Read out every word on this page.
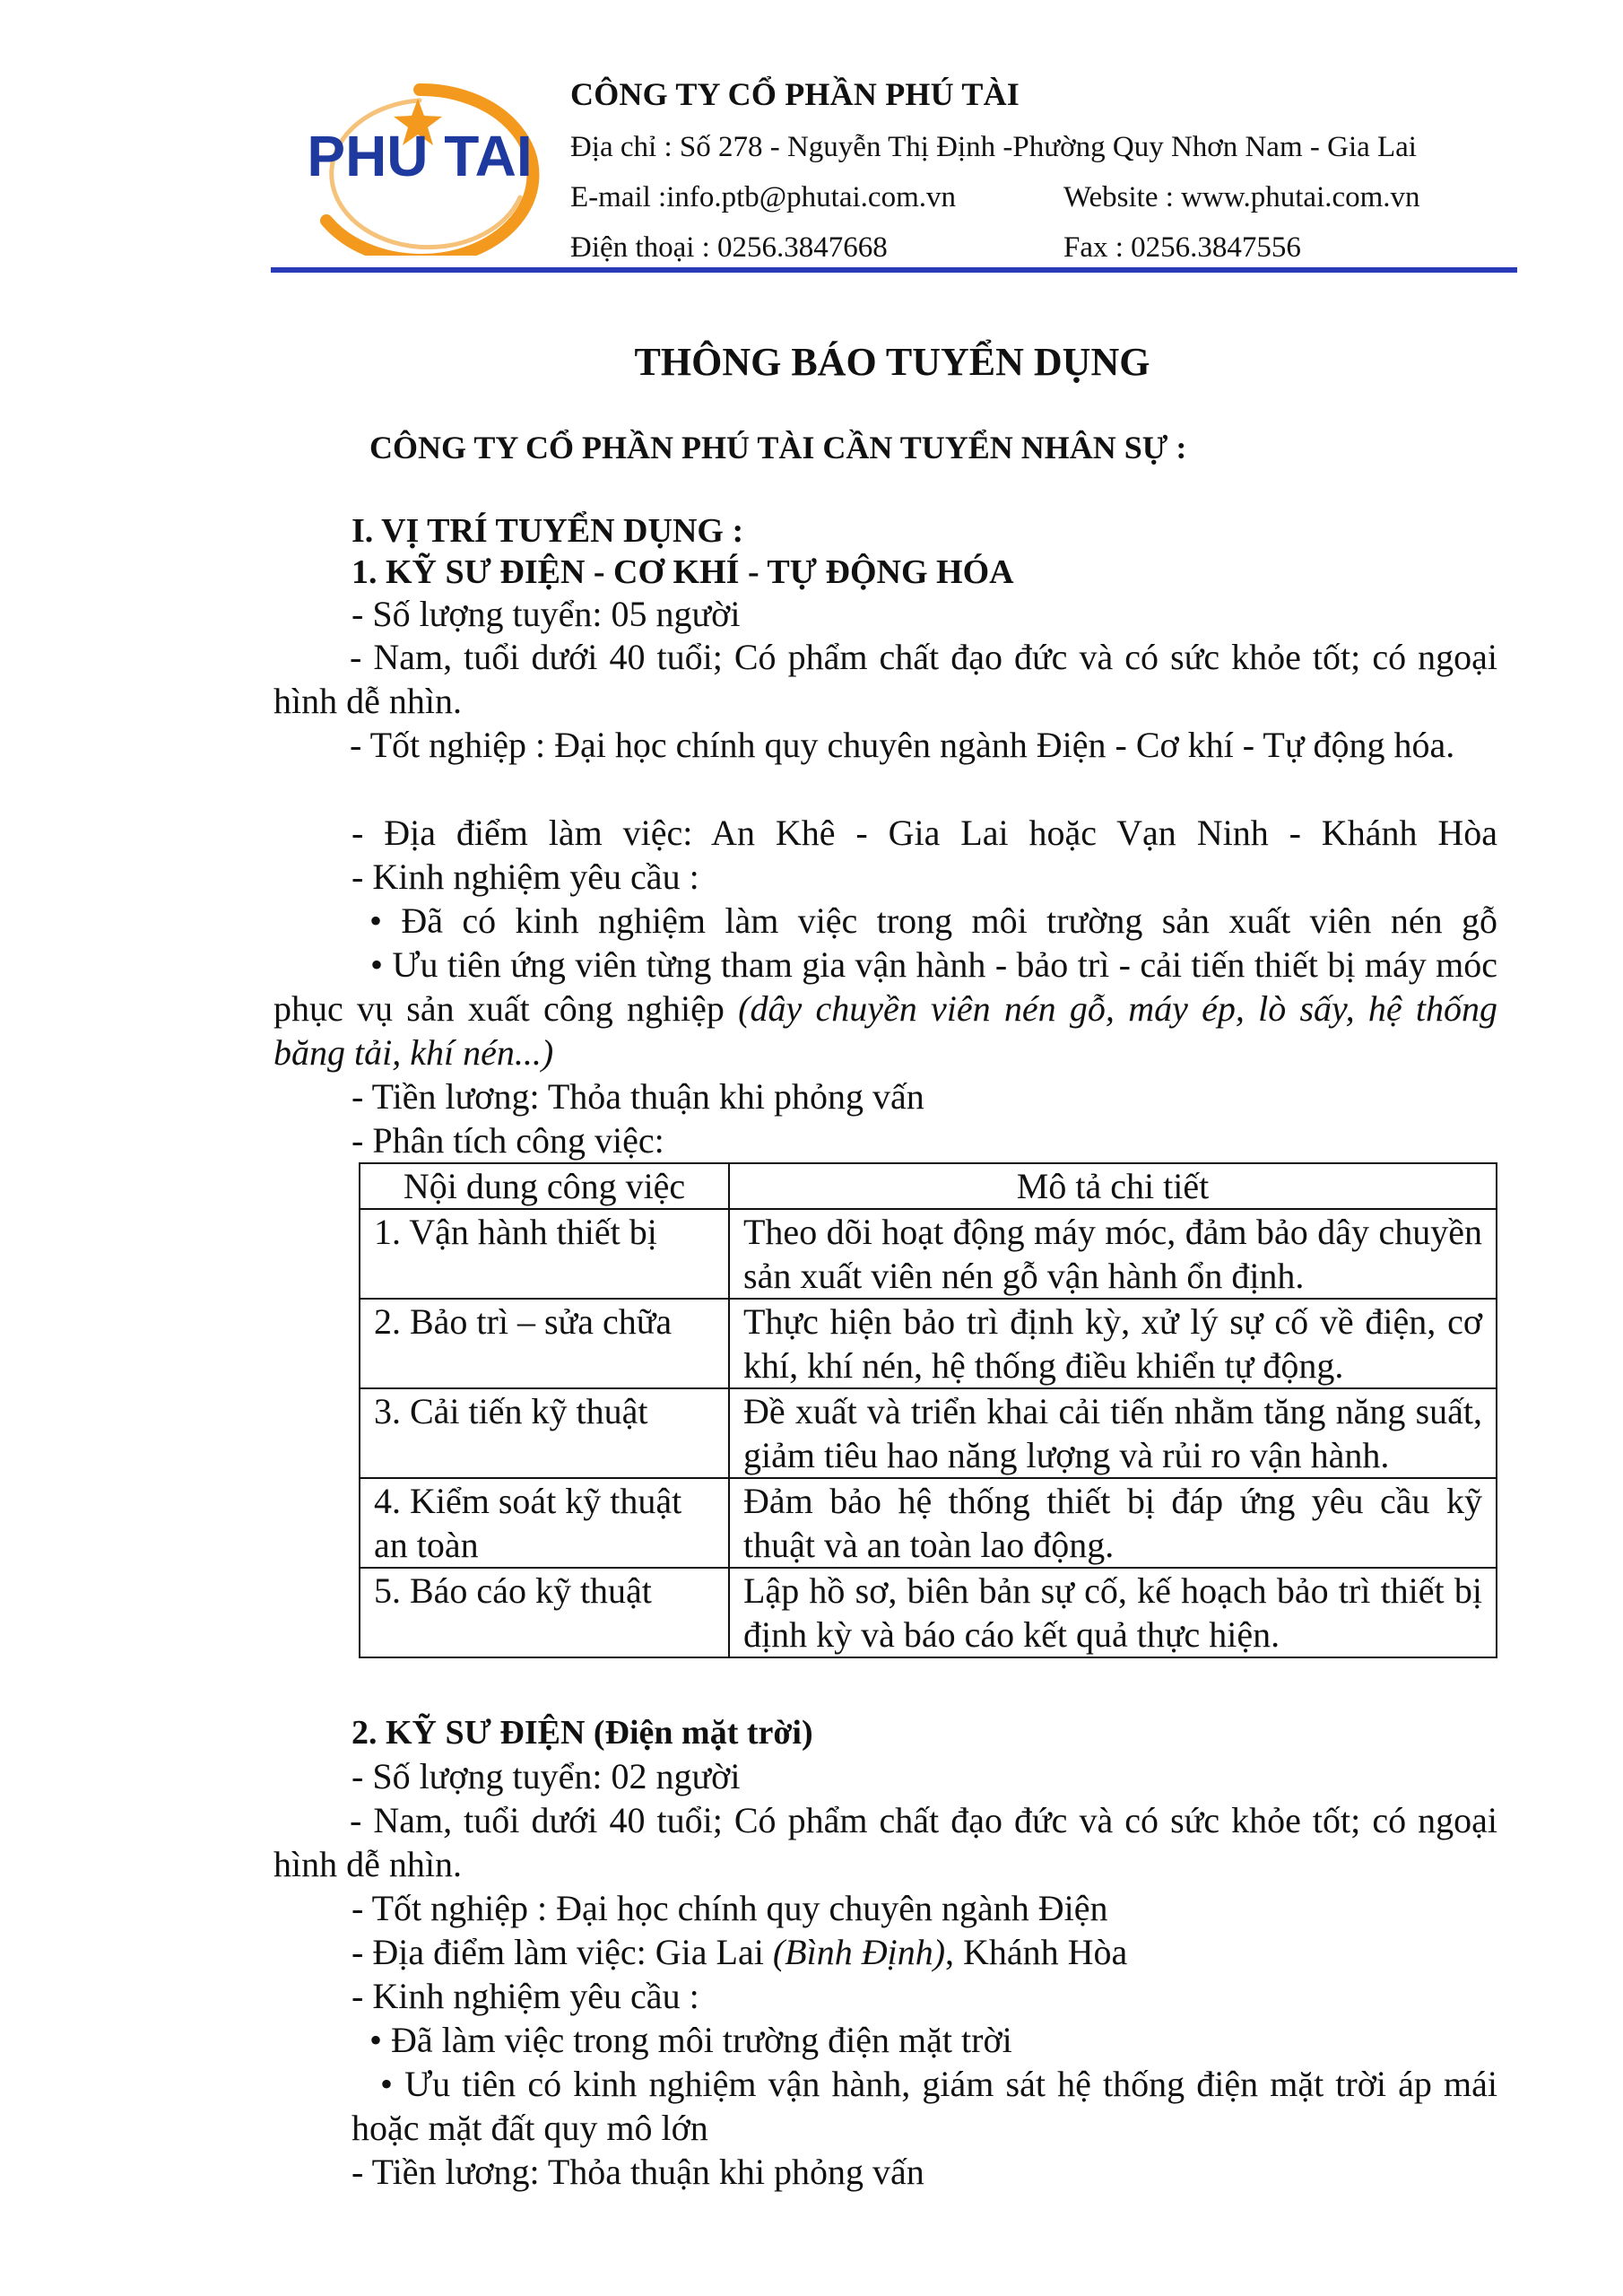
PHU TAI
CÔNG TY CỔ PHẦN PHÚ TÀI
Địa chỉ : Số 278 - Nguyễn Thị Định -Phường Quy Nhơn Nam - Gia Lai
E-mail :info.ptb@phutai.com.vn	Website : www.phutai.com.vn
Điện thoại : 0256.3847668	Fax : 0256.3847556
THÔNG BÁO TUYỂN DỤNG
CÔNG TY CỔ PHẦN PHÚ TÀI CẦN TUYỂN NHÂN SỰ :
I. VỊ TRÍ TUYỂN DỤNG :
1. KỸ SƯ ĐIỆN - CƠ KHÍ - TỰ ĐỘNG HÓA
- Số lượng tuyển: 05 người
- Nam, tuổi dưới 40 tuổi; Có phẩm chất đạo đức và có sức khỏe tốt; có ngoại hình dễ nhìn.
- Tốt nghiệp : Đại học chính quy chuyên ngành Điện - Cơ khí - Tự động hóa.
- Địa điểm làm việc: An Khê - Gia Lai hoặc Vạn Ninh - Khánh Hòa
- Kinh nghiệm yêu cầu :
• Đã có kinh nghiệm làm việc trong môi trường sản xuất viên nén gỗ
• Ưu tiên ứng viên từng tham gia vận hành - bảo trì - cải tiến thiết bị máy móc phục vụ sản xuất công nghiệp (dây chuyền viên nén gỗ, máy ép, lò sấy, hệ thống băng tải, khí nén...)
- Tiền lương: Thỏa thuận khi phỏng vấn
- Phân tích công việc:
Nội dung công việc	Mô tả chi tiết
1. Vận hành thiết bị	Theo dõi hoạt động máy móc, đảm bảo dây chuyền sản xuất viên nén gỗ vận hành ổn định.
2. Bảo trì – sửa chữa	Thực hiện bảo trì định kỳ, xử lý sự cố về điện, cơ khí, khí nén, hệ thống điều khiển tự động.
3. Cải tiến kỹ thuật	Đề xuất và triển khai cải tiến nhằm tăng năng suất, giảm tiêu hao năng lượng và rủi ro vận hành.
4. Kiểm soát kỹ thuật an toàn	Đảm bảo hệ thống thiết bị đáp ứng yêu cầu kỹ thuật và an toàn lao động.
5. Báo cáo kỹ thuật	Lập hồ sơ, biên bản sự cố, kế hoạch bảo trì thiết bị định kỳ và báo cáo kết quả thực hiện.
2. KỸ SƯ ĐIỆN (Điện mặt trời)
- Số lượng tuyển: 02 người
- Nam, tuổi dưới 40 tuổi; Có phẩm chất đạo đức và có sức khỏe tốt; có ngoại hình dễ nhìn.
- Tốt nghiệp : Đại học chính quy chuyên ngành Điện
- Địa điểm làm việc: Gia Lai (Bình Định), Khánh Hòa
- Kinh nghiệm yêu cầu :
• Đã làm việc trong môi trường điện mặt trời
• Ưu tiên có kinh nghiệm vận hành, giám sát hệ thống điện mặt trời áp mái hoặc mặt đất quy mô lớn
- Tiền lương: Thỏa thuận khi phỏng vấn
